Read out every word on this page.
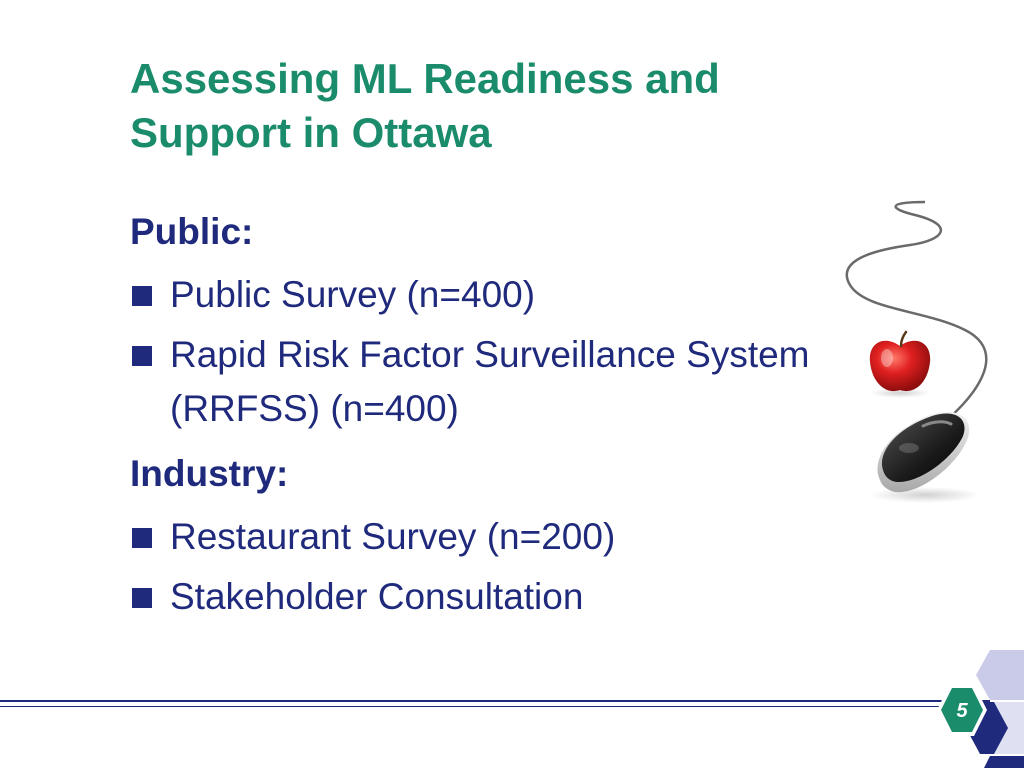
Assessing ML Readiness and Support in Ottawa
Public:
Public Survey (n=400)
Rapid Risk Factor Surveillance System (RRFSS) (n=400)
Industry:
Restaurant Survey (n=200)
Stakeholder Consultation
5
